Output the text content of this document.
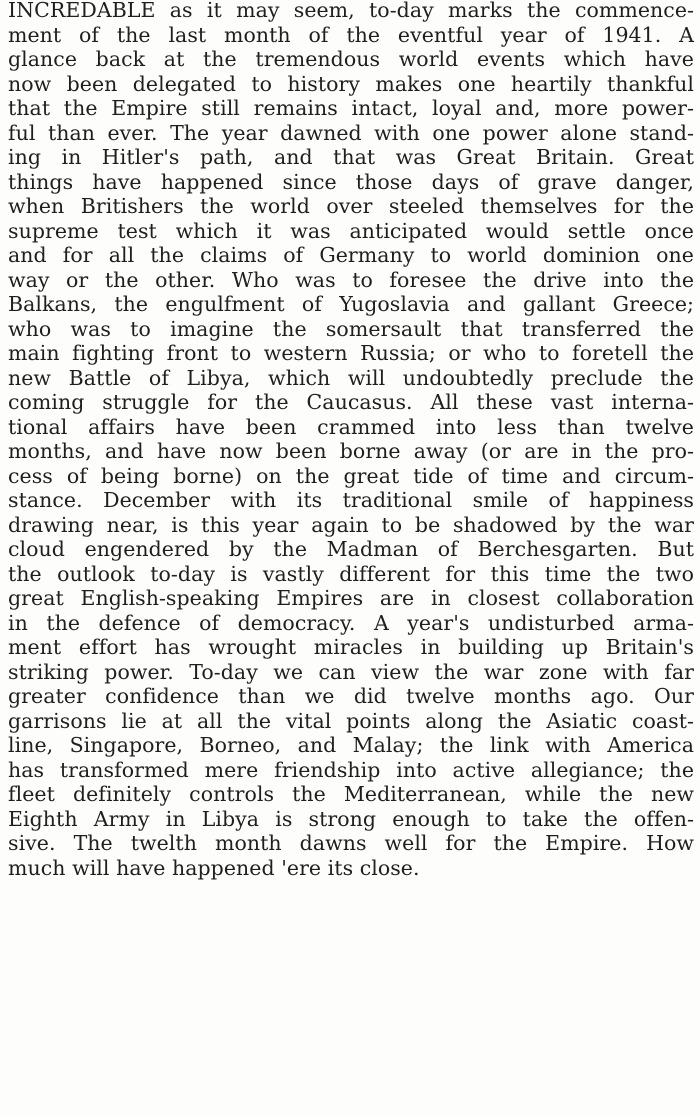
INCREDABLE as it may seem, to-day marks the commence-
ment of the last month of the eventful year of 1941. A
glance back at the tremendous world events which have
now been delegated to history makes one heartily thankful
that the Empire still remains intact, loyal and, more power-
ful than ever. The year dawned with one power alone stand-
ing in Hitler's path, and that was Great Britain. Great
things have happened since those days of grave danger,
when Britishers the world over steeled themselves for the
supreme test which it was anticipated would settle once
and for all the claims of Germany to world dominion one
way or the other. Who was to foresee the drive into the
Balkans, the engulfment of Yugoslavia and gallant Greece;
who was to imagine the somersault that transferred the
main fighting front to western Russia; or who to foretell the
new Battle of Libya, which will undoubtedly preclude the
coming struggle for the Caucasus. All these vast interna-
tional affairs have been crammed into less than twelve
months, and have now been borne away (or are in the pro-
cess of being borne) on the great tide of time and circum-
stance. December with its traditional smile of happiness
drawing near, is this year again to be shadowed by the war
cloud engendered by the Madman of Berchesgarten. But
the outlook to-day is vastly different for this time the two
great English-speaking Empires are in closest collaboration
in the defence of democracy. A year's undisturbed arma-
ment effort has wrought miracles in building up Britain's
striking power. To-day we can view the war zone with far
greater confidence than we did twelve months ago. Our
garrisons lie at all the vital points along the Asiatic coast-
line, Singapore, Borneo, and Malay; the link with America
has transformed mere friendship into active allegiance; the
fleet definitely controls the Mediterranean, while the new
Eighth Army in Libya is strong enough to take the offen-
sive. The twelth month dawns well for the Empire. How
much will have happened 'ere its close.
